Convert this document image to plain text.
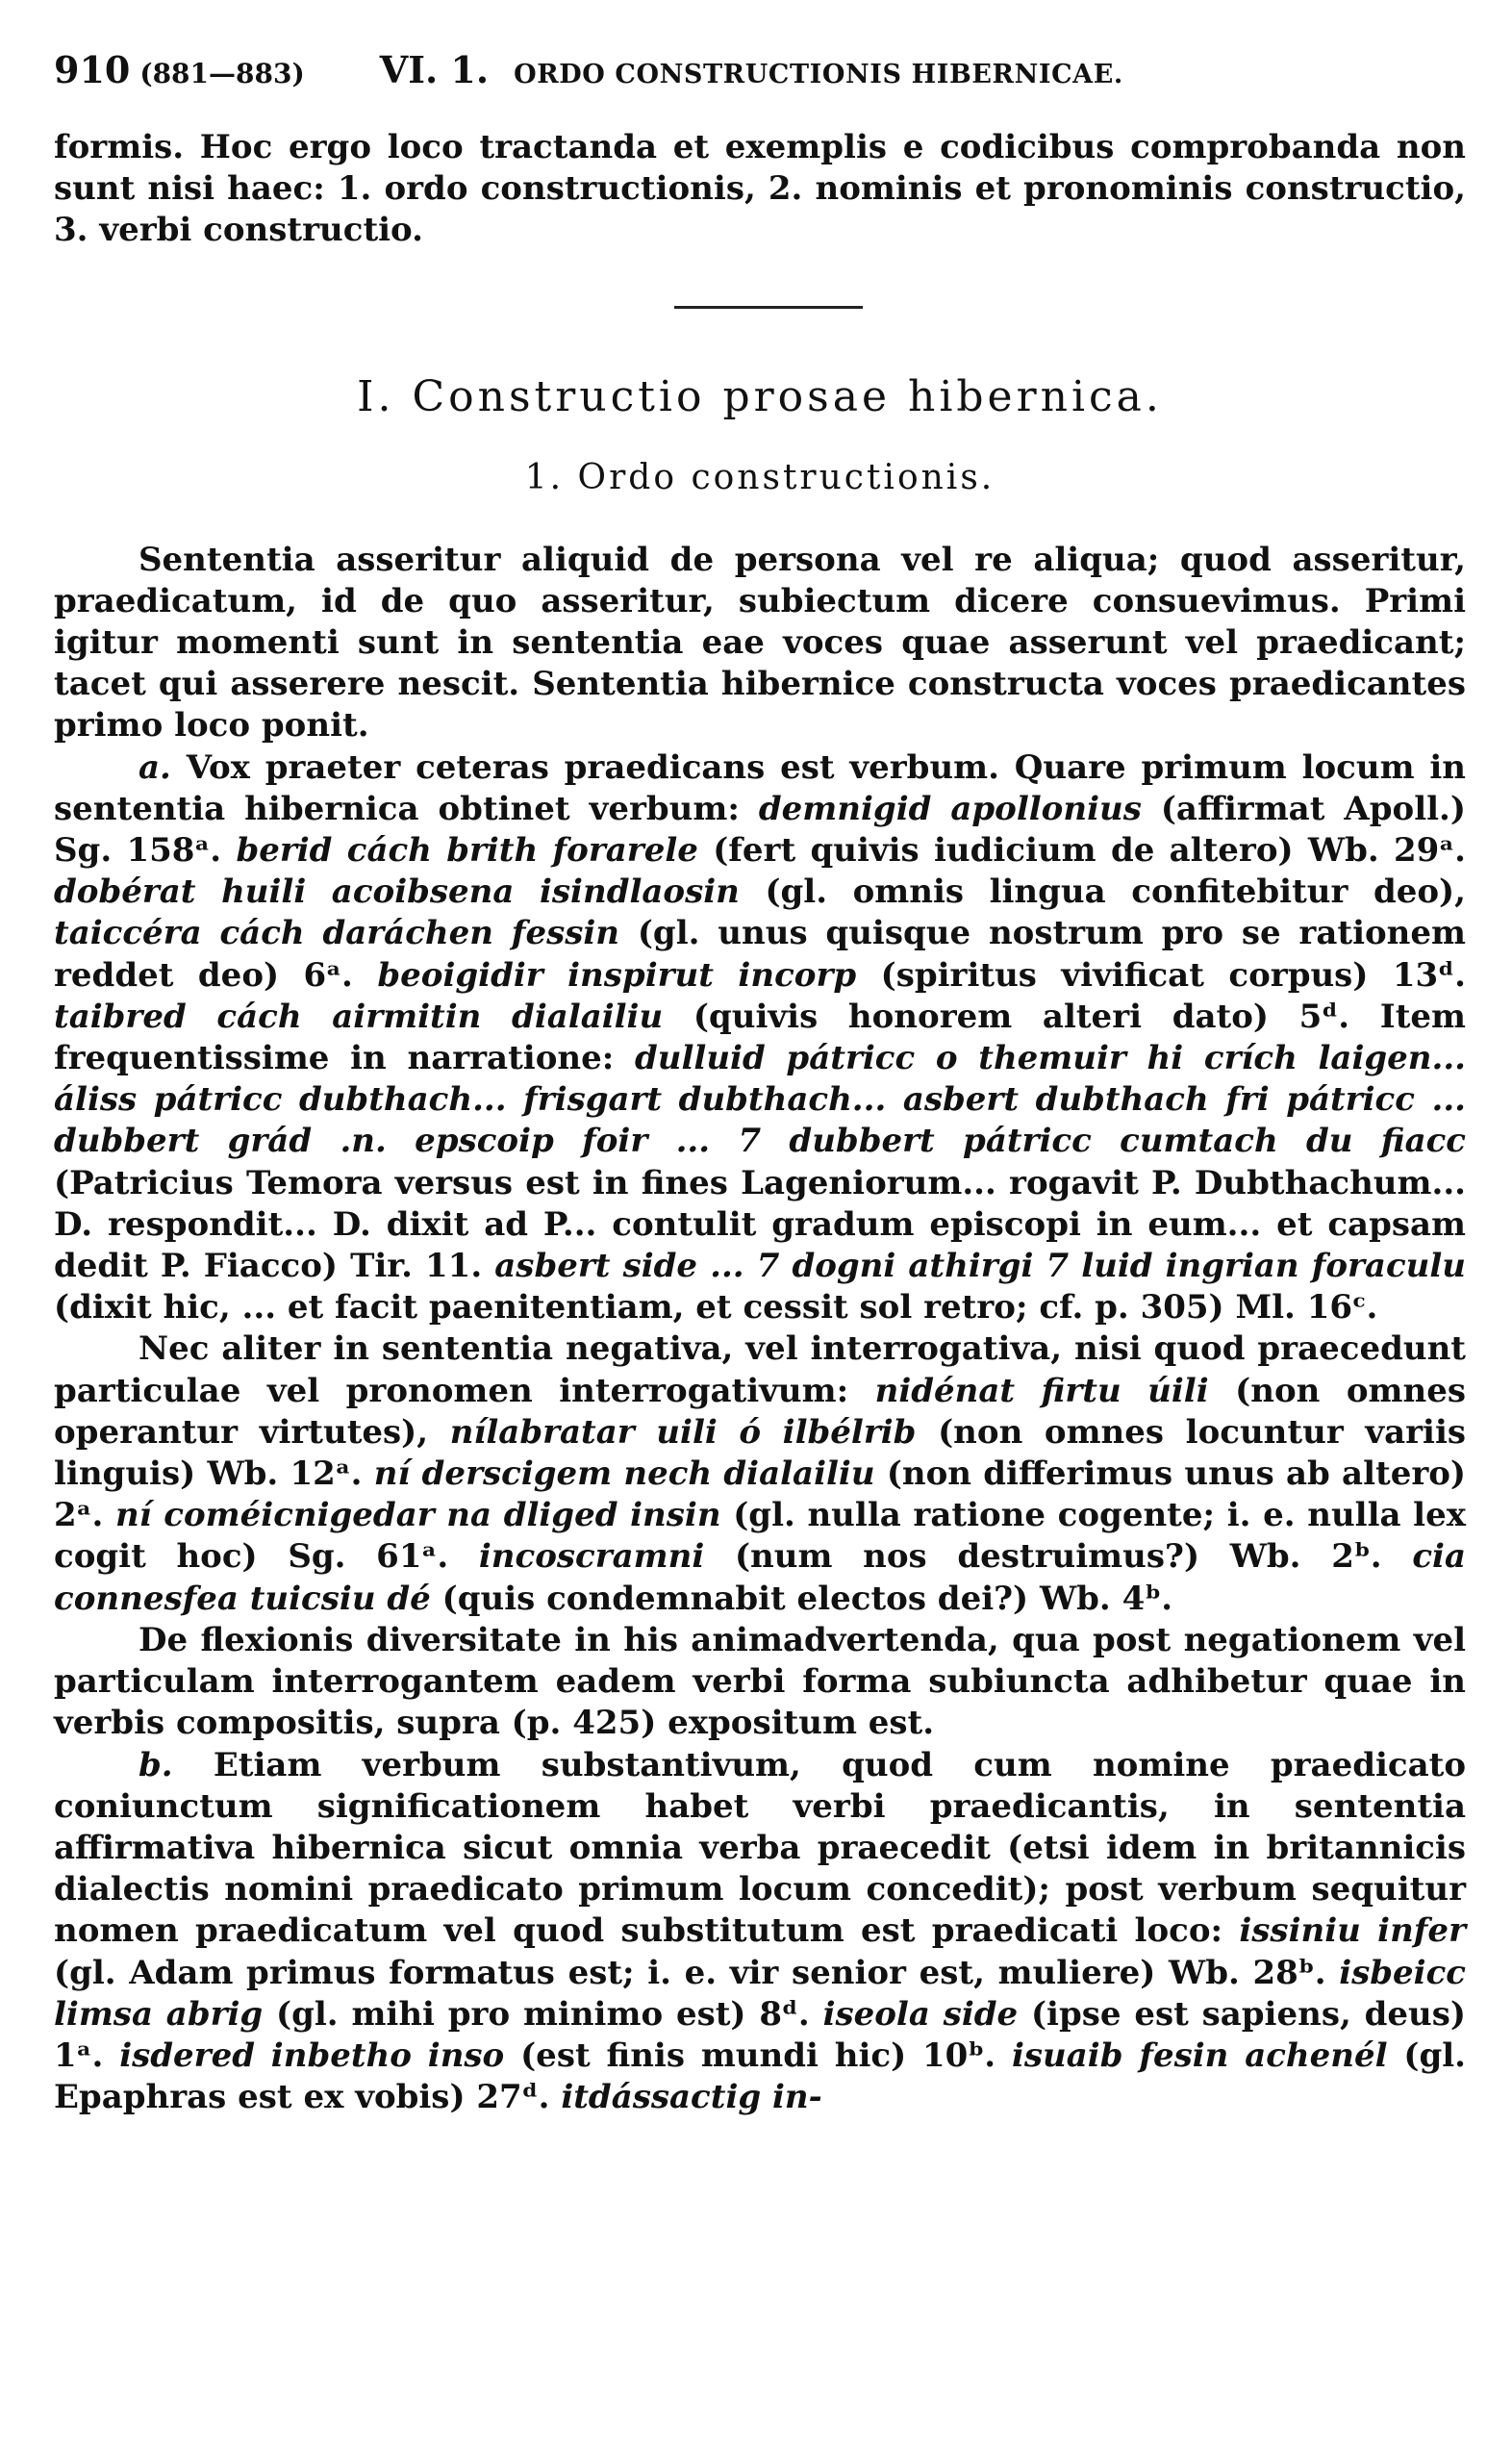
910 (881—883) VI. 1. ORDO CONSTRUCTIONIS HIBERNICAE.

formis. Hoc ergo loco tractanda et exemplis e codicibus comprobanda non sunt nisi haec: 1. ordo constructionis, 2. nominis et pronominis constructio, 3. verbi constructio.

I. Constructio prosae hibernica.
1. Ordo constructionis.

Sententia asseritur aliquid de persona vel re aliqua; quod asseritur, praedicatum, id de quo asseritur, subiectum dicere consuevimus. Primi igitur momenti sunt in sententia eae voces quae asserunt vel praedicant; tacet qui asserere nescit. Sententia hibernice constructa voces praedicantes primo loco ponit.

a. Vox praeter ceteras praedicans est verbum. Quare primum locum in sententia hibernica obtinet verbum: demnigid apollonius (affirmat Apoll.) Sg. 158ᵃ. berid cách brith forarele (fert quivis iudicium de altero) Wb. 29ᵃ. dobérat huili acoibsena isindlaosin (gl. omnis lingua confitebitur deo), taiccéra cách daráchen fessin (gl. unus quisque nostrum pro se rationem reddet deo) 6ᵃ. beoigidir inspirut incorp (spiritus vivificat corpus) 13ᵈ. taibred cách airmitin dialailiu (quivis honorem alteri dato) 5ᵈ. Item frequentissime in narratione: dulluid pátricc o themuir hi crích laigen... áliss pátricc dubthach... frisgart dubthach... asbert dubthach fri pátricc ... dubbert grád .n. epscoip foir ... 7 dubbert pátricc cumtach du fiacc (Patricius Temora versus est in fines Lageniorum... rogavit P. Dubthachum... D. respondit... D. dixit ad P... contulit gradum episcopi in eum... et capsam dedit P. Fiacco) Tir. 11. asbert side ... 7 dogni athirgi 7 luid ingrian foraculu (dixit hic, ... et facit paenitentiam, et cessit sol retro; cf. p. 305) Ml. 16ᶜ.

Nec aliter in sententia negativa, vel interrogativa, nisi quod praecedunt particulae vel pronomen interrogativum: nidénat firtu úili (non omnes operantur virtutes), nílabratar uili ó ilbélrib (non omnes locuntur variis linguis) Wb. 12ᵃ. ní derscigem nech dialailiu (non differimus unus ab altero) 2ᵃ. ní coméicnigedar na dliged insin (gl. nulla ratione cogente; i. e. nulla lex cogit hoc) Sg. 61ᵃ. incoscramni (num nos destruimus?) Wb. 2ᵇ. cia connesfea tuicsiu dé (quis condemnabit electos dei?) Wb. 4ᵇ.

De flexionis diversitate in his animadvertenda, qua post negationem vel particulam interrogantem eadem verbi forma subiuncta adhibetur quae in verbis compositis, supra (p. 425) expositum est.

b. Etiam verbum substantivum, quod cum nomine praedicato coniunctum significationem habet verbi praedicantis, in sententia affirmativa hibernica sicut omnia verba praecedit (etsi idem in britannicis dialectis nomini praedicato primum locum concedit); post verbum sequitur nomen praedicatum vel quod substitutum est praedicati loco: issiniu infer (gl. Adam primus formatus est; i. e. vir senior est, muliere) Wb. 28ᵇ. isbeicc limsa abrig (gl. mihi pro minimo est) 8ᵈ. iseola side (ipse est sapiens, deus) 1ᵃ. isdered inbetho inso (est finis mundi hic) 10ᵇ. isuaib fesin achenél (gl. Epaphras est ex vobis) 27ᵈ. itdássactig in-
